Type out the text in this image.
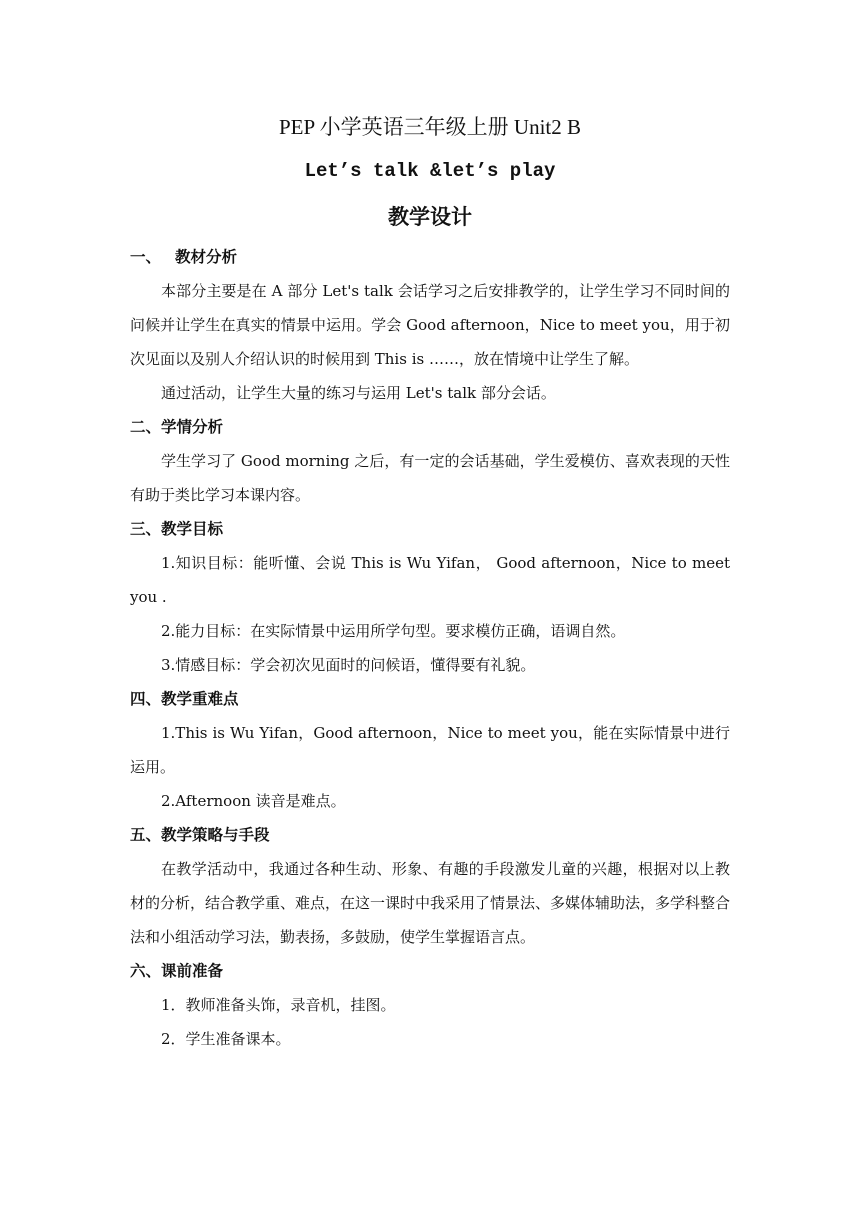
PEP 小学英语三年级上册 Unit2 B
Let’s talk &let’s play
教学设计
一、 教材分析

本部分主要是在 A 部分 Let's talk 会话学习之后安排教学的，让学生学习不同时间的问候并让学生在真实的情景中运用。学会 Good afternoon，Nice to meet you，用于初次见面以及别人介绍认识的时候用到 This is ……，放在情境中让学生了解。

通过活动，让学生大量的练习与运用 Let's talk 部分会话。

二、学情分析

学生学习了 Good morning 之后，有一定的会话基础，学生爱模仿、喜欢表现的天性有助于类比学习本课内容。

三、教学目标

1.知识目标：能听懂、会说 This is Wu Yifan， Good afternoon，Nice to meet you .

2.能力目标：在实际情景中运用所学句型。要求模仿正确，语调自然。

3.情感目标：学会初次见面时的问候语，懂得要有礼貌。

四、教学重难点

1.This is Wu Yifan，Good afternoon，Nice to meet you，能在实际情景中进行运用。

2.Afternoon 读音是难点。

五、教学策略与手段

在教学活动中，我通过各种生动、形象、有趣的手段激发儿童的兴趣，根据对以上教材的分析，结合教学重、难点，在这一课时中我采用了情景法、多媒体辅助法，多学科整合法和小组活动学习法，勤表扬，多鼓励，使学生掌握语言点。

六、课前准备

1．教师准备头饰，录音机，挂图。

2．学生准备课本。
